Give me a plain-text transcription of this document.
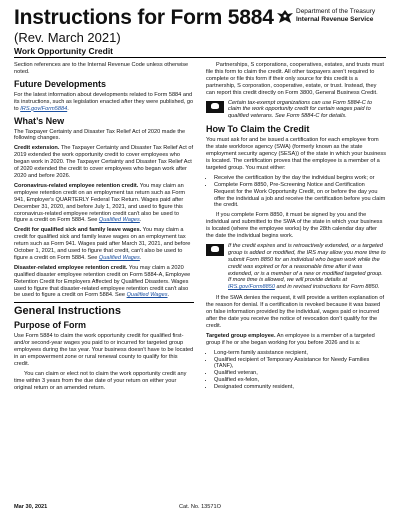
Instructions for Form 5884
(Rev. March 2021)
Work Opportunity Credit
Department of the Treasury
Internal Revenue Service

Section references are to the Internal Revenue Code unless otherwise noted.

Future Developments

For the latest information about developments related to Form 5884 and its instructions, such as legislation enacted after they were published, go to IRS.gov/Form5884.

What’s New

The Taxpayer Certainty and Disaster Tax Relief Act of 2020 made the following changes.

Credit extension. The Taxpayer Certainty and Disaster Tax Relief Act of 2019 extended the work opportunity credit to cover employees who began work in 2020. The Taxpayer Certainty and Disaster Tax Relief Act of 2020 extended the credit to cover employees who began work after 2020 and before 2026.

Coronavirus-related employee retention credit. You may claim an employee retention credit on an employment tax return such as Form 941, Employer's QUARTERLY Federal Tax Return. Wages paid after December 31, 2020, and before July 1, 2021, and used to figure this coronavirus-related employee retention credit can't also be used to figure a credit on Form 5884. See Qualified Wages.

Credit for qualified sick and family leave wages. You may claim a credit for qualified sick and family leave wages on an employment tax return such as Form 941. Wages paid after March 31, 2021, and before October 1, 2021, and used to figure that credit, can't also be used to figure a credit on Form 5884. See Qualified Wages.

Disaster-related employee retention credit. You may claim a 2020 qualified disaster employee retention credit on Form 5884-A, Employee Retention Credit for Employers Affected by Qualified Disasters. Wages used to figure that disaster-related employee retention credit can't also be used to figure a credit on Form 5884. See Qualified Wages.

General Instructions
Purpose of Form

Use Form 5884 to claim the work opportunity credit for qualified first- and/or second-year wages you paid to or incurred for targeted group employees during the tax year. Your business doesn't have to be located in an empowerment zone or rural renewal county to qualify for this credit.

You can claim or elect not to claim the work opportunity credit any time within 3 years from the due date of your return on either your original return or an amended return.

Partnerships, S corporations, cooperatives, estates, and trusts must file this form to claim the credit. All other taxpayers aren't required to complete or file this form if their only source for this credit is a partnership, S corporation, cooperative, estate, or trust. Instead, they can report this credit directly on Form 3800, General Business Credit.

Certain tax-exempt organizations can use Form 5884-C to claim the work opportunity credit for certain wages paid to qualified veterans. See Form 5884-C for details.
How To Claim the Credit

You must ask for and be issued a certification for each employee from the state workforce agency (SWA) (formerly known as the state employment security agency (SESA)) of the state in which your business is located. The certification proves that the employee is a member of a targeted group. You must either:

• Receive the certification by the day the individual begins work; or
• Complete Form 8850, Pre-Screening Notice and Certification Request for the Work Opportunity Credit, on or before the day you offer the individual a job and receive the certification before you claim the credit.

If you complete Form 8850, it must be signed by you and the individual and submitted to the SWA of the state in which your business is located (where the employee works) by the 28th calendar day after the date the individual begins work.

If the credit expires and is retroactively extended, or a targeted group is added or modified, the IRS may allow you more time to submit Form 8850 for an individual who began work while the credit was expired or for a reasonable time after it was extended, or is a member of a new or modified targeted group. If more time is allowed, we will provide details at IRS.gov/Form8850 and in revised instructions for Form 8850.

If the SWA denies the request, it will provide a written explanation of the reason for denial. If a certification is revoked because it was based on false information provided by the individual, wages paid or incurred after the date you receive the notice of revocation don't qualify for the credit.

Targeted group employee. An employee is a member of a targeted group if he or she began working for you before 2026 and is a:

• Long-term family assistance recipient,
• Qualified recipient of Temporary Assistance for Needy Families (TANF),
• Qualified veteran,
• Qualified ex-felon,
• Designated community resident,
Mar 30, 2021	Cat. No. 13571O
